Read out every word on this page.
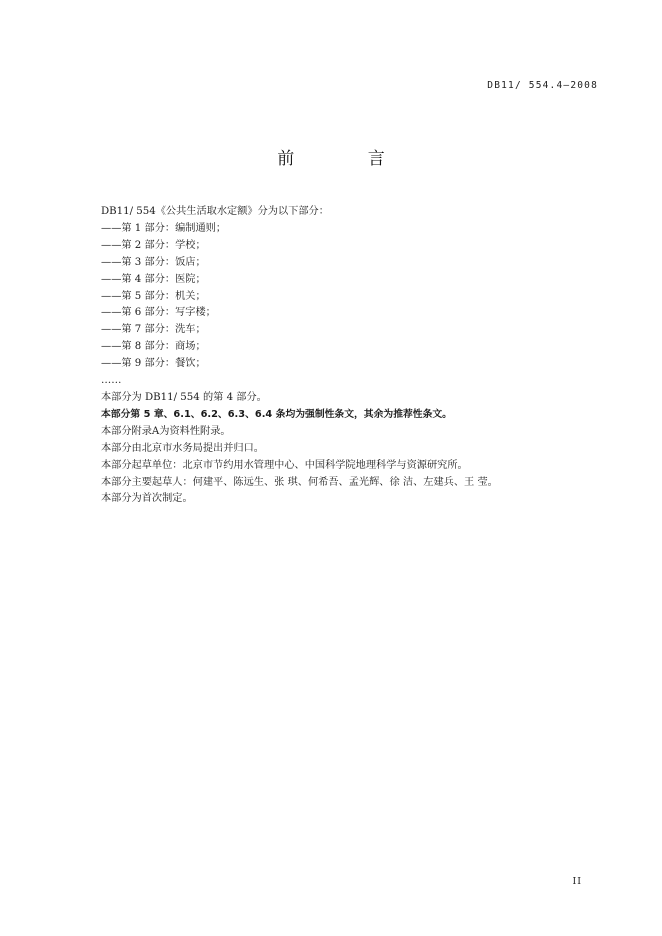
DB11/ 554.4—2008
前 言
DB11/ 554《公共生活取水定额》分为以下部分：
——第 1 部分：编制通则；
——第 2 部分：学校；
——第 3 部分：饭店；
——第 4 部分：医院；
——第 5 部分：机关；
——第 6 部分：写字楼；
——第 7 部分：洗车；
——第 8 部分：商场；
——第 9 部分：餐饮；
……
本部分为 DB11/ 554 的第 4 部分。
本部分第 5 章、6.1、6.2、6.3、6.4 条均为强制性条文，其余为推荐性条文。
本部分附录A为资料性附录。
本部分由北京市水务局提出并归口。
本部分起草单位：北京市节约用水管理中心、中国科学院地理科学与资源研究所。
本部分主要起草人：何建平、陈远生、张 琪、何希吾、孟光辉、徐 洁、左建兵、王 莹。
本部分为首次制定。
II
